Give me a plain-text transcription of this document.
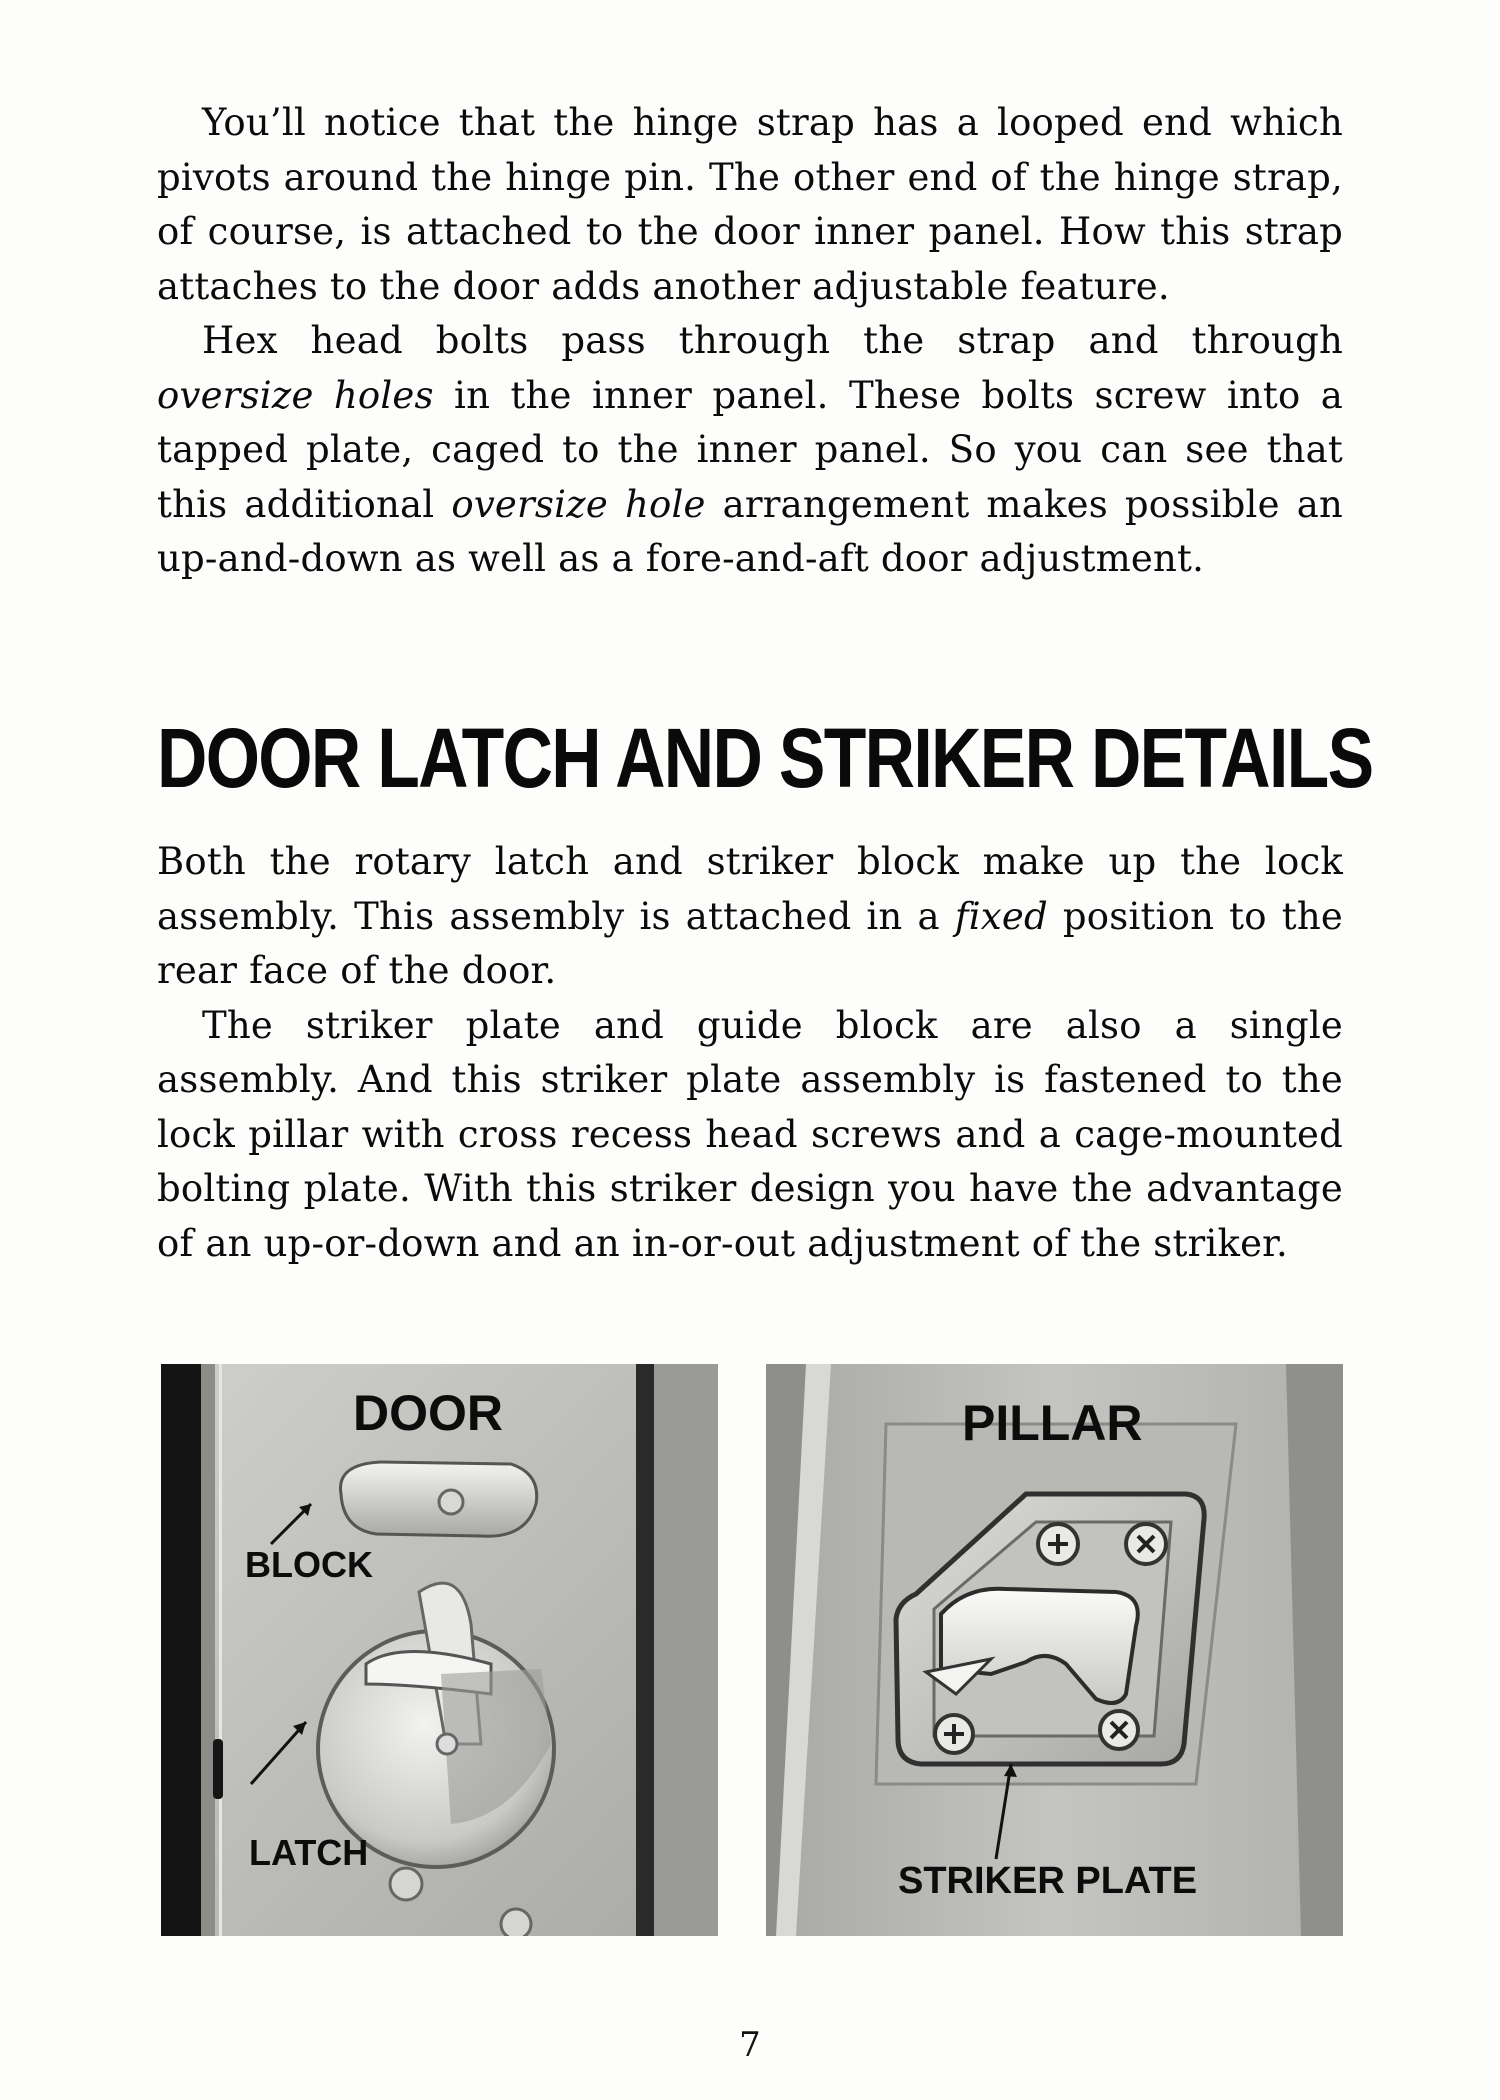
You’ll notice that the hinge strap has a looped end which pivots around the hinge pin. The other end of the hinge strap, of course, is attached to the door inner panel. How this strap attaches to the door adds another adjustable feature.

Hex head bolts pass through the strap and through oversize holes in the inner panel. These bolts screw into a tapped plate, caged to the inner panel. So you can see that this additional oversize hole arrangement makes possible an up-and-down as well as a fore-and-aft door adjustment.

DOOR LATCH AND STRIKER DETAILS

Both the rotary latch and striker block make up the lock assembly. This assembly is attached in a fixed position to the rear face of the door.

The striker plate and guide block are also a single assembly. And this striker plate assembly is fastened to the lock pillar with cross recess head screws and a cage-mounted bolting plate. With this striker design you have the advantage of an up-or-down and an in-or-out adjustment of the striker.

DOOR
BLOCK
LATCH
PILLAR
STRIKER PLATE
7
